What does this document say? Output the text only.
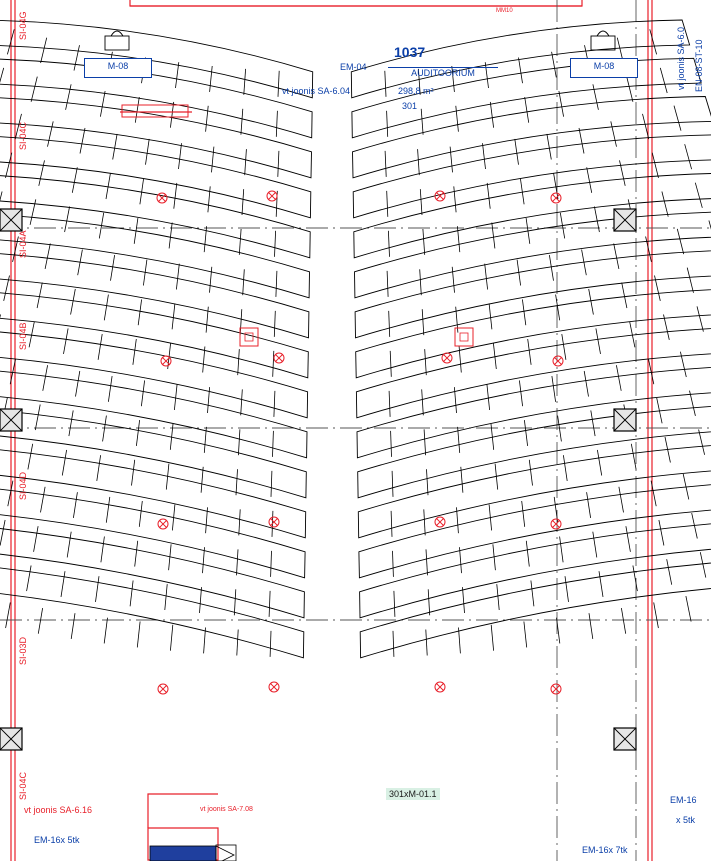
1037
AUDITOORIUM
298,8 m²
301
vt joonis SA-6.04
EM-04
MM10
M-08	M-08
vt joonis SA-6.16	vt joonis SA-7.08
EM-16x 5tk
EM-16x 7tk
EM-16
x 5tk
301xM-01.1
vt joonis SA-6.0 EN-08-ST-10
SI-04G
SI-04C
SI-04A
SI-04B
SI-04D
SI-03D
SI-04C
